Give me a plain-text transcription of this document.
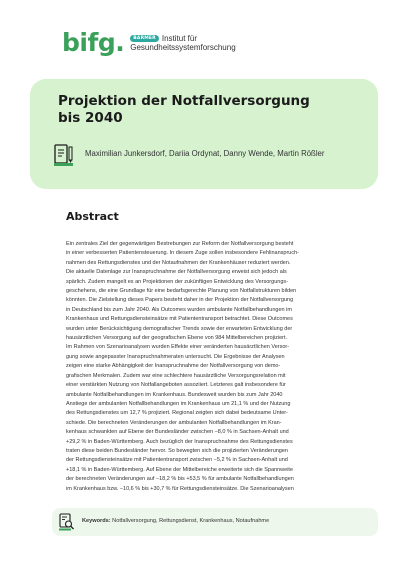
bifg.	BARMER Institut für
Gesundheitssystemforschung
Projektion der Notfallversorgung
bis 2040
Maximilian Junkersdorf, Dariia Ordynat, Danny Wende, Martin Rößler
Abstract

Ein zentrales Ziel der gegenwärtigen Bestrebungen zur Reform der Notfallversorgung besteht

in einer verbesserten Patientensteuerung. In diesem Zuge sollen insbesondere Fehlinanspruch-

nahmen des Rettungsdienstes und der Notaufnahmen der Krankenhäuser reduziert werden.

Die aktuelle Datenlage zur Inanspruchnahme der Notfallversorgung erweist sich jedoch als

spärlich. Zudem mangelt es an Projektionen der zukünftigen Entwicklung des Versorgungs-

geschehens, die eine Grundlage für eine bedarfsgerechte Planung von Notfallstrukturen bilden

könnten. Die Zielstellung dieses Papers besteht daher in der Projektion der Notfallversorgung

in Deutschland bis zum Jahr 2040. Als Outcomes wurden ambulante Notfallbehandlungen im

Krankenhaus und Rettungsdiensteinsätze mit Patiententransport betrachtet. Diese Outcomes

wurden unter Berücksichtigung demografischer Trends sowie der erwarteten Entwicklung der

hausärztlichen Versorgung auf der geografischen Ebene von 984 Mittelbereichen projiziert.

Im Rahmen von Szenarioanalysen wurden Effekte einer veränderten hausärztlichen Versor-

gung sowie angepasster Inanspruchnahmeraten untersucht. Die Ergebnisse der Analysen

zeigen eine starke Abhängigkeit der Inanspruchnahme der Notfallversorgung von demo-

grafischen Merkmalen. Zudem war eine schlechtere hausärztliche Versorgungsrelation mit

einer verstärkten Nutzung von Notfallangeboten assoziiert. Letzteres galt insbesondere für

ambulante Notfallbehandlungen im Krankenhaus. Bundesweit wurden bis zum Jahr 2040

Anstiege der ambulanten Notfallbehandlungen im Krankenhaus um 21,1 % und der Nutzung

des Rettungsdienstes um 12,7 % projiziert. Regional zeigten sich dabei bedeutsame Unter-

schiede. Die berechneten Veränderungen der ambulanten Notfallbehandlungen im Kran-

kenhaus schwankten auf Ebene der Bundesländer zwischen −8,0 % in Sachsen-Anhalt und

+29,2 % in Baden-Württemberg. Auch bezüglich der Inanspruchnahme des Rettungsdienstes

traten diese beiden Bundesländer hervor. So bewegten sich die projizierten Veränderungen

der Rettungsdiensteinsätze mit Patiententransport zwischen −5,2 % in Sachsen-Anhalt und

+18,1 % in Baden-Württemberg. Auf Ebene der Mittelbereiche erweiterte sich die Spannweite

der berechneten Veränderungen auf −18,2 % bis +53,5 % für ambulante Notfallbehandlungen

im Krankenhaus bzw. −10,6 % bis +30,7 % für Rettungsdiensteinsätze. Die Szenarioanalysen

Keywords: Notfallversorgung, Rettungsdienst, Krankenhaus, Notaufnahme
